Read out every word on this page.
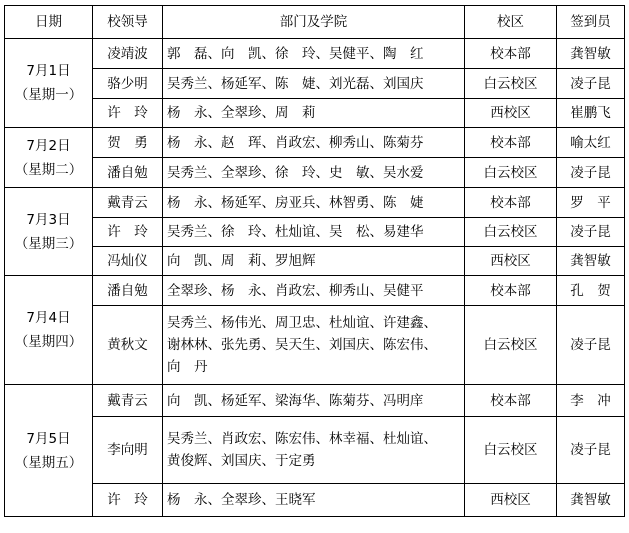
日期	校领导	部门及学院	校区	签到员

7月1日
（星期一）	凌靖波	郭　磊、向　凯、徐　玲、吴健平、陶　红	校本部	龚智敏
	骆少明	吴秀兰、杨延军、陈　婕、刘光磊、刘国庆	白云校区	凌子昆
	许　玲	杨　永、全翠珍、周　莉	西校区	崔鹏飞

7月2日
（星期二）	贺　勇	杨　永、赵　珲、肖政宏、柳秀山、陈菊芬	校本部	喻太红
	潘自勉	吴秀兰、全翠珍、徐　玲、史　敏、吴水爱	白云校区	凌子昆

7月3日
（星期三）	戴青云	杨　永、杨延军、房亚兵、林智勇、陈　婕	校本部	罗　平
	许　玲	吴秀兰、徐　玲、杜灿谊、吴　松、易建华	白云校区	凌子昆
	冯灿仪	向　凯、周　莉、罗旭辉	西校区	龚智敏

7月4日
（星期四）	潘自勉	全翠珍、杨　永、肖政宏、柳秀山、吴健平	校本部	孔　贺
	黄秋文	吴秀兰、杨伟光、周卫忠、杜灿谊、许建鑫、
谢林林、张先勇、吴天生、刘国庆、陈宏伟、
向　丹	白云校区	凌子昆

7月5日
（星期五）	戴青云	向　凯、杨延军、梁海华、陈菊芬、冯明庠	校本部	李　冲
	李向明	吴秀兰、肖政宏、陈宏伟、林幸福、杜灿谊、
黄俊辉、刘国庆、于定勇	白云校区	凌子昆
	许　玲	杨　永、全翠珍、王晓军	西校区	龚智敏
